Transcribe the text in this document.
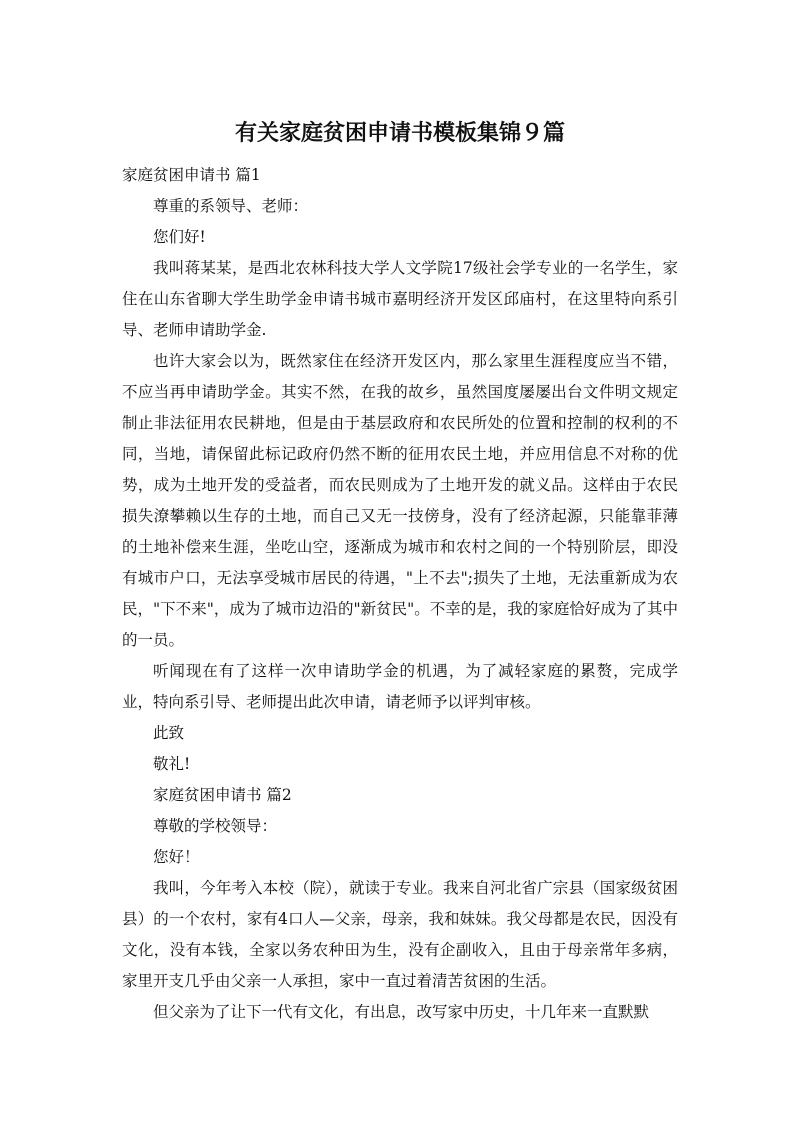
有关家庭贫困申请书模板集锦９篇

家庭贫困申请书 篇1

尊重的系领导、老师：

您们好!

我叫蒋某某，是西北农林科技大学人文学院17级社会学专业的一名学生，家住在山东省聊大学生助学金申请书城市嘉明经济开发区邱庙村，在这里特向系引导、老师申请助学金.

也许大家会以为，既然家住在经济开发区内，那么家里生涯程度应当不错，不应当再申请助学金。其实不然，在我的故乡，虽然国度屡屡出台文件明文规定制止非法征用农民耕地，但是由于基层政府和农民所处的位置和控制的权利的不同，当地，请保留此标记政府仍然不断的征用农民土地，并应用信息不对称的优势，成为土地开发的受益者，而农民则成为了土地开发的就义品。这样由于农民损失潦攀赖以生存的土地，而自己又无一技傍身，没有了经济起源，只能靠菲薄的土地补偿来生涯，坐吃山空，逐渐成为城市和农村之间的一个特别阶层，即没有城市户口，无法享受城市居民的待遇，"上不去";损失了土地，无法重新成为农民，"下不来"，成为了城市边沿的"新贫民"。不幸的是，我的家庭恰好成为了其中的一员。

听闻现在有了这样一次申请助学金的机遇，为了减轻家庭的累赘，完成学业，特向系引导、老师提出此次申请，请老师予以评判审核。

此致

敬礼!

家庭贫困申请书 篇2

尊敬的学校领导：

您好！

我叫，今年考入本校（院），就读于专业。我来自河北省广宗县（国家级贫困县）的一个农村，家有4口人—父亲，母亲，我和妹妹。我父母都是农民，因没有文化，没有本钱，全家以务农种田为生，没有企副收入，且由于母亲常年多病，家里开支几乎由父亲一人承担，家中一直过着清苦贫困的生活。

但父亲为了让下一代有文化，有出息，改写家中历史，十几年来一直默默
